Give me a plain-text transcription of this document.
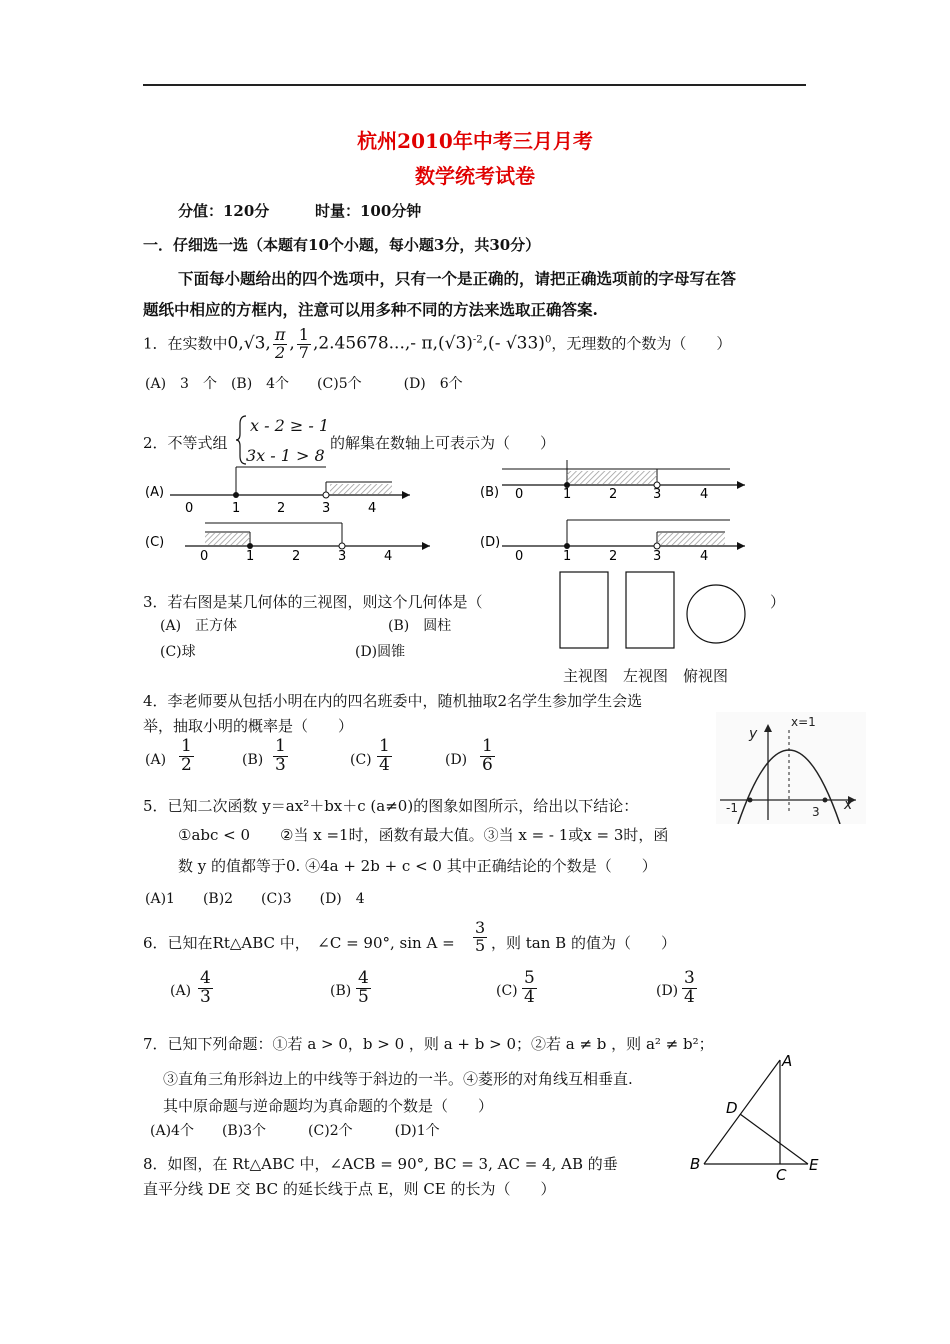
杭州2010年中考三月月考
数学统考试卷
分值：120分	时量：100分钟
一．仔细选一选（本题有10个小题，每小题3分，共30分）
下面每小题给出的四个选项中，只有一个是正确的，请把正确选项前的字母写在答
题纸中相应的方框内，注意可以用多种不同的方法来选取正确答案.
1．在实数中0,√3, $\frac{\pi}{2}$ , $\frac{1}{7} ,2.45678...,-$ $\pi,(√3)^{-2},(-$ √33)$^0$，无理数的个数为（　　）
(A)　3　个　(B)　4个　　(C)5个　　　(D)　6个
2．不等式组
x - 2 ≥ - 1
3x - 1 > 8
的解集在数轴上可表示为（　　）
(A)
0	1	2	3	4
(B) 0	1	2	3	4
(C)
0	1	2	3	4
(D)
0	1	2	3	4
3．若右图是某几何体的三视图，则这个几何体是（	）
(A)　正方体	(B)　圆柱
(C)球	(D)圆锥
主视图　左视图　俯视图
4．李老师要从包括小明在内的四名班委中，随机抽取2名学生参加学生会选
举，抽取小明的概率是（　　）
$(A) \frac{1}{2}$	$(B) \frac{1}{3}$	$(C) \frac{1}{4}$	$(D) \frac{1}{6}$
y
x
x=1
-1	3
5．已知二次函数 y＝ax²＋bx＋c (a≠0)的图象如图所示，给出以下结论：
①abc < 0　　②当 x =1时，函数有最大值。③当 x = - 1或x = 3时，函
数 y 的值都等于0. ④4a + 2b + c < 0 其中正确结论的个数是（　　）
(A)1　　(B)2　　(C)3　　(D)　4
6．已知在Rt△ABC 中，　∠C = 90°, $\sin A = \frac{3}{5}$ ，则 tan B 的值为（　　）
$(A) \frac{4}{3}$	$(B) \frac{4}{5}$	$(C) \frac{5}{4}$	$(D) \frac{3}{4}$
7．已知下列命题：①若 a > 0，b > 0 ，则 a + b > 0；②若 a ≠ b ，则 a² ≠ b²；
③直角三角形斜边上的中线等于斜边的一半。④菱形的对角线互相垂直.
其中原命题与逆命题均为真命题的个数是（　　）
(A)4个　　(B)3个　　　(C)2个　　　(D)1个
A
B
C
D
E
8．如图，在 Rt△ABC 中，∠ACB = 90°, BC = 3, AC = 4, AB 的垂
直平分线 DE 交 BC 的延长线于点 E，则 CE 的长为（　　）
